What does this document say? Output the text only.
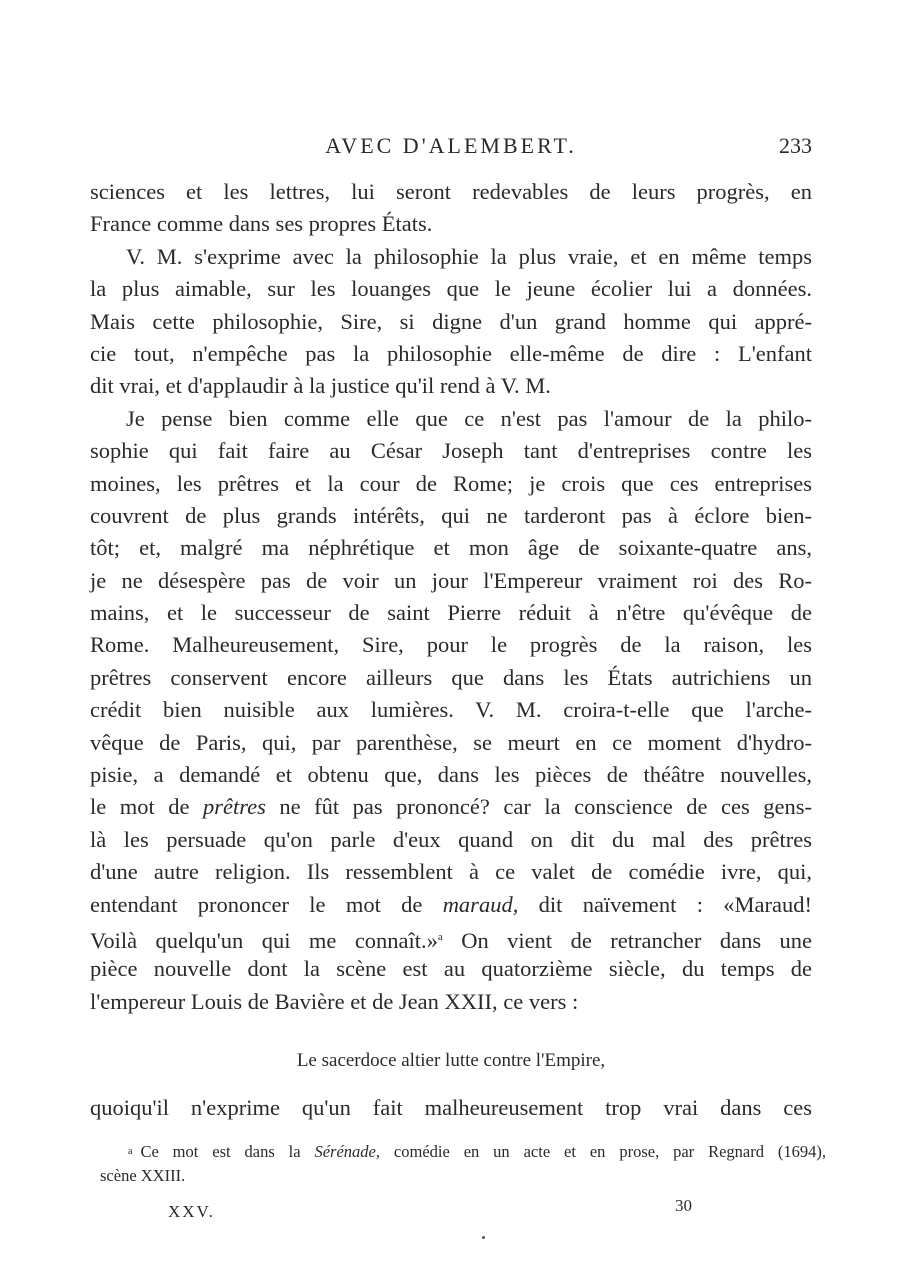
AVEC D'ALEMBERT.	233
sciences et les lettres, lui seront redevables de leurs progrès, en
France comme dans ses propres États.
V. M. s'exprime avec la philosophie la plus vraie, et en même temps
la plus aimable, sur les louanges que le jeune écolier lui a données.
Mais cette philosophie, Sire, si digne d'un grand homme qui appré-
cie tout, n'empêche pas la philosophie elle-même de dire : L'enfant
dit vrai, et d'applaudir à la justice qu'il rend à V. M.
Je pense bien comme elle que ce n'est pas l'amour de la philo-
sophie qui fait faire au César Joseph tant d'entreprises contre les
moines, les prêtres et la cour de Rome; je crois que ces entreprises
couvrent de plus grands intérêts, qui ne tarderont pas à éclore bien-
tôt; et, malgré ma néphrétique et mon âge de soixante-quatre ans,
je ne désespère pas de voir un jour l'Empereur vraiment roi des Ro-
mains, et le successeur de saint Pierre réduit à n'être qu'évêque de
Rome. Malheureusement, Sire, pour le progrès de la raison, les
prêtres conservent encore ailleurs que dans les États autrichiens un
crédit bien nuisible aux lumières. V. M. croira-t-elle que l'arche-
vêque de Paris, qui, par parenthèse, se meurt en ce moment d'hydro-
pisie, a demandé et obtenu que, dans les pièces de théâtre nouvelles,
le mot de prêtres ne fût pas prononcé? car la conscience de ces gens-
là les persuade qu'on parle d'eux quand on dit du mal des prêtres
d'une autre religion. Ils ressemblent à ce valet de comédie ivre, qui,
entendant prononcer le mot de maraud, dit naïvement : «Maraud!
Voilà quelqu'un qui me connaît.»$^a$ On vient de retrancher dans une
pièce nouvelle dont la scène est au quatorzième siècle, du temps de
l'empereur Louis de Bavière et de Jean XXII, ce vers :
Le sacerdoce altier lutte contre l'Empire,
quoiqu'il n'exprime qu'un fait malheureusement trop vrai dans ces
a Ce mot est dans la Sérénade, comédie en un acte et en prose, par Regnard (1694),
scène XXIII.
XXV.	30
